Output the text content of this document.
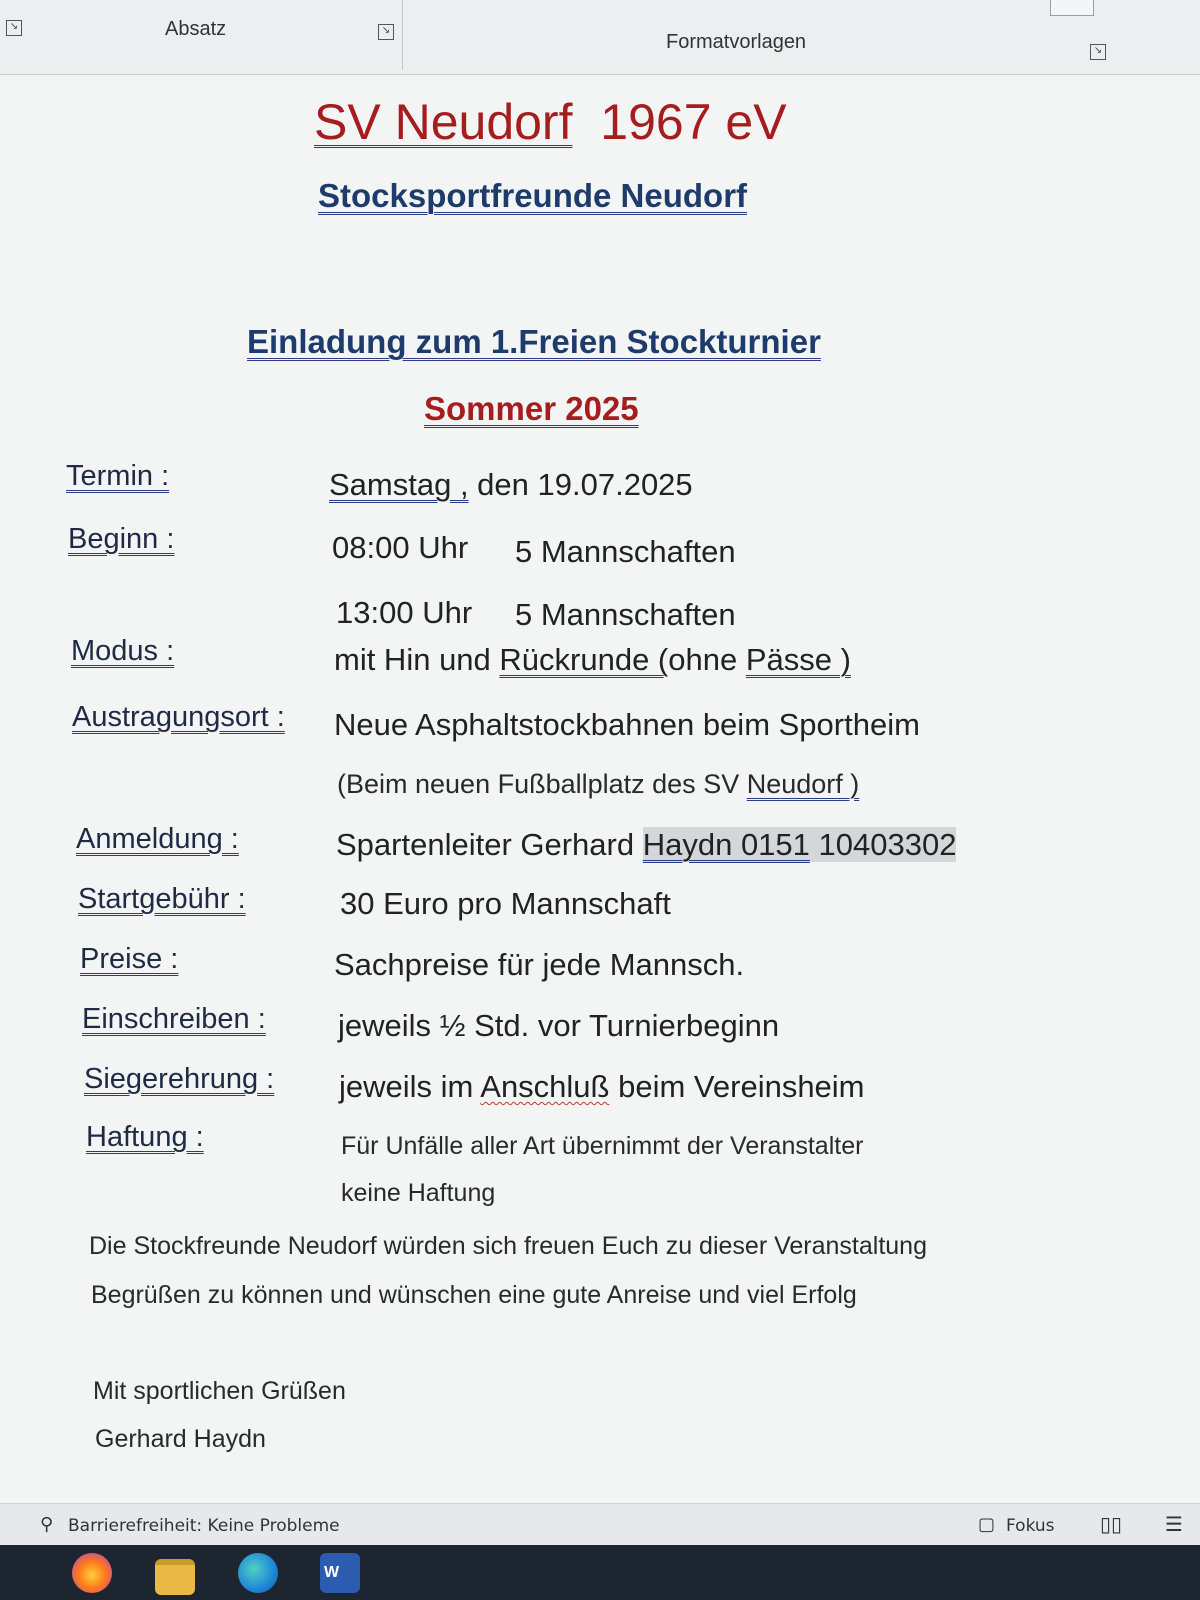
↘	Absatz	↘
Formatvorlagen	↘
SV Neudorf 1967 eV
Stocksportfreunde Neudorf
Einladung zum 1.Freien Stockturnier
Sommer 2025
Termin :	Samstag , den 19.07.2025
Beginn :	08:00 Uhr 5 Mannschaften
13:00 Uhr 5 Mannschaften
Modus :	mit Hin und Rückrunde (ohne Pässe )
Austragungsort : Neue Asphaltstockbahnen beim Sportheim
(Beim neuen Fußballplatz des SV Neudorf )
Anmeldung :	Spartenleiter Gerhard Haydn 0151 10403302
Startgebühr :	30 Euro pro Mannschaft
Preise :	Sachpreise für jede Mannsch.
Einschreiben : jeweils ½ Std. vor Turnierbeginn
Siegerehrung : jeweils im Anschluß beim Vereinsheim
Haftung :	Für Unfälle aller Art übernimmt der Veranstalter
keine Haftung
Die Stockfreunde Neudorf würden sich freuen Euch zu dieser Veranstaltung
Begrüßen zu können und wünschen eine gute Anreise und viel Erfolg
Mit sportlichen Grüßen
Gerhard Haydn
⚲ Barrierefreiheit: Keine Probleme	▢ Fokus ▯▯ ☰
W
